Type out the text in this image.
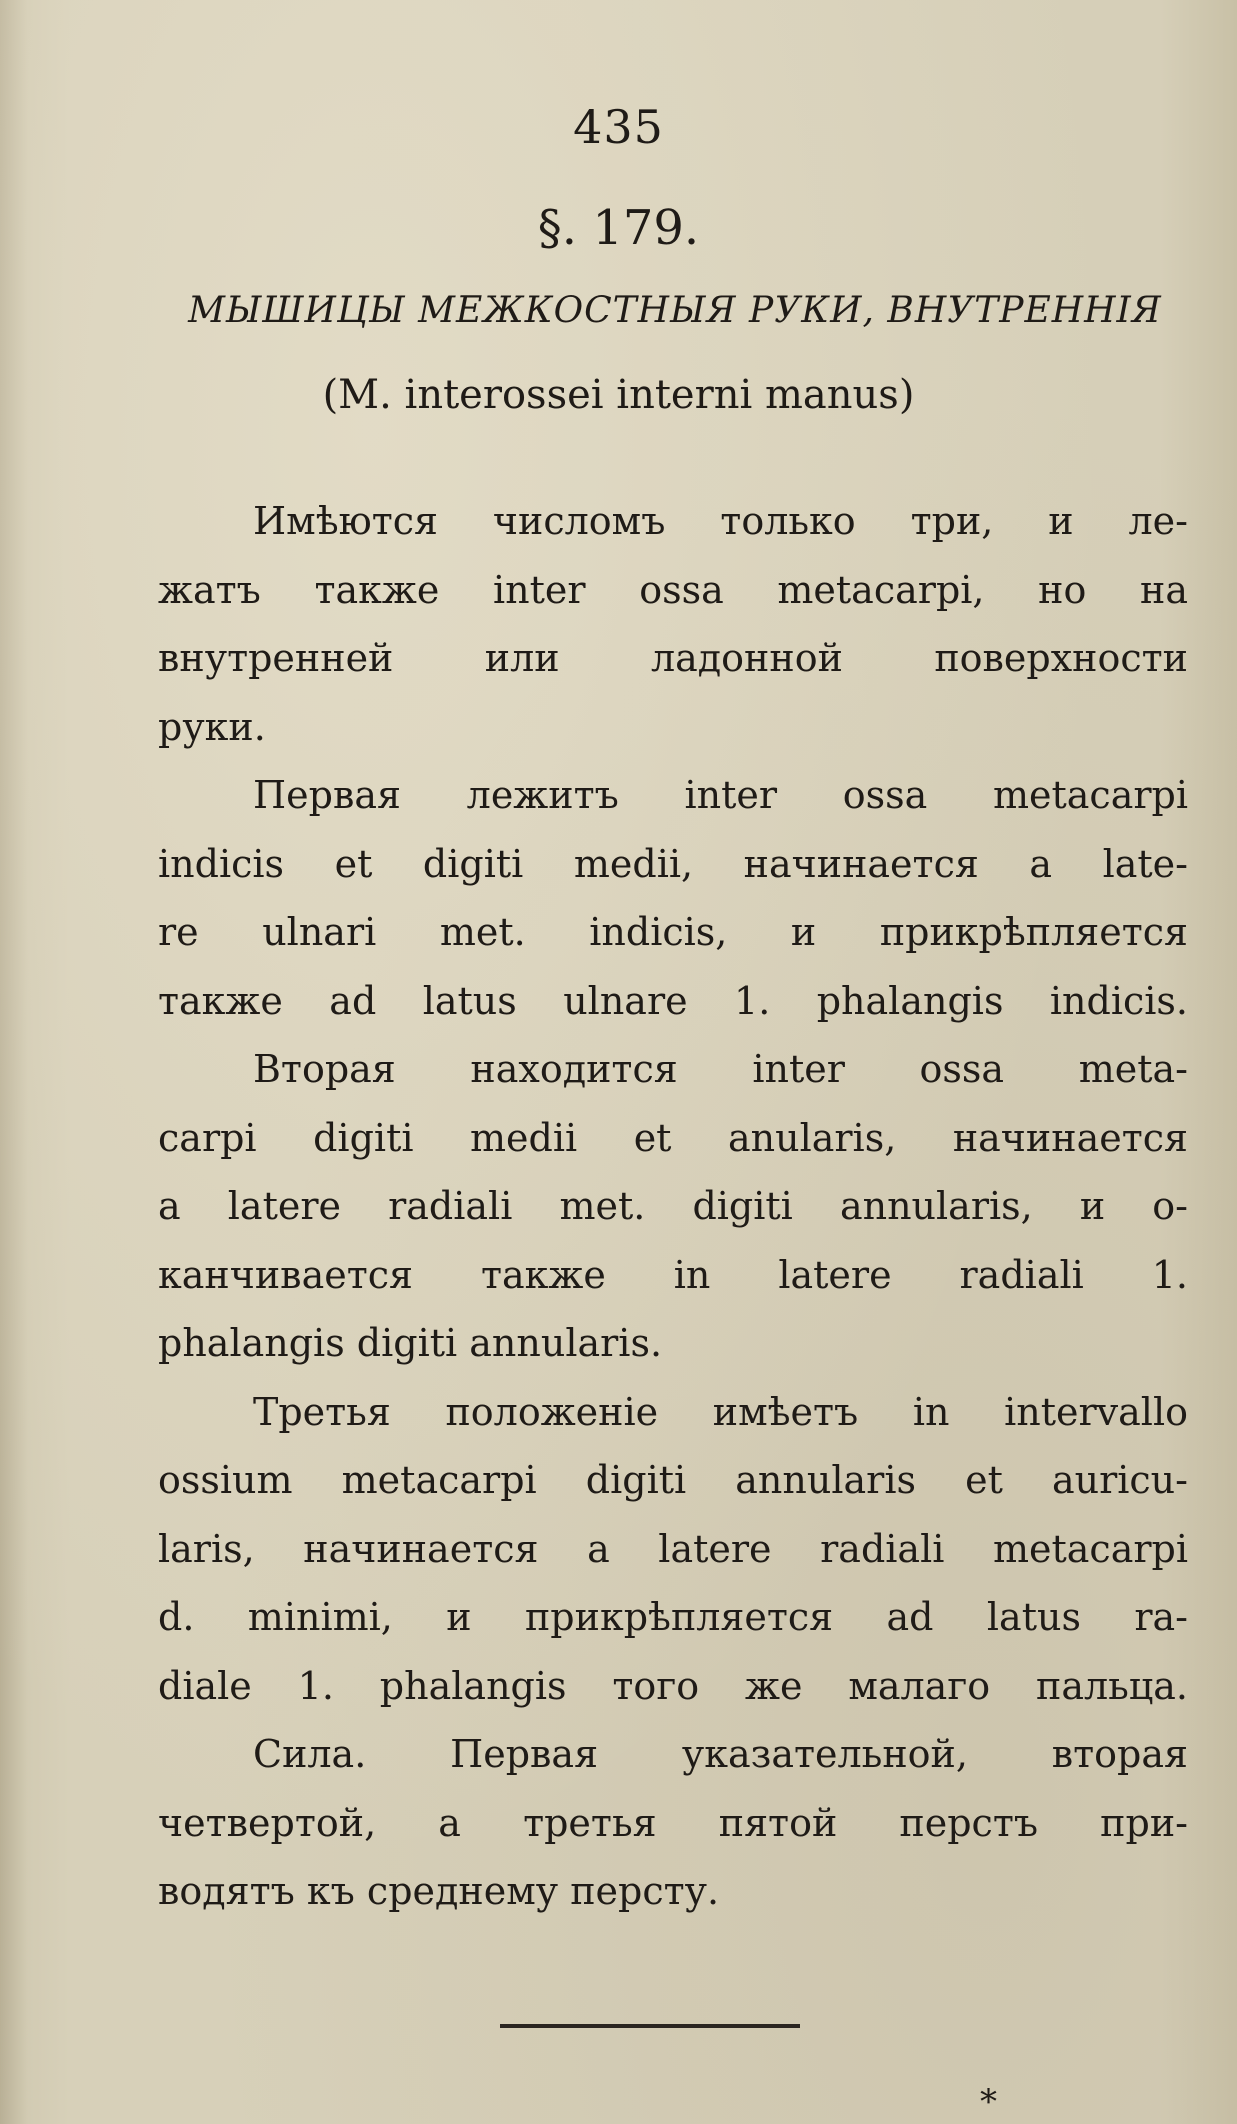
435
§. 179.
МЫШИЦЫ МЕЖКОСТНЫЯ РУКИ, ВНУТРЕННІЯ
(M. interossei interni manus)
Имѣются числомъ только три, и ле-
жатъ также inter ossa metacarpi, но на
внутренней или ладонной поверхности
руки.
Первая лежитъ inter ossa metacarpi
indicis et digiti medii, начинается a late-
re ulnari met. indicis, и прикрѣпляется
также ad latus ulnare 1. phalangis indicis.
Вторая находится inter ossa meta-
carpi digiti medii et anularis, начинается
a latere radiali met. digiti annularis, и о-
канчивается также in latere radiali 1.
phalangis digiti annularis.
Третья положеніе имѣетъ in intervallo
ossium metacarpi digiti annularis et auricu-
laris, начинается a latere radiali metacarpi
d. minimi, и прикрѣпляется ad latus ra-
diale 1. phalangis того же малаго пальца.
Сила. Первая указательной, вторая
четвертой, а третья пятой перстъ при-
водятъ къ среднему персту.
*
